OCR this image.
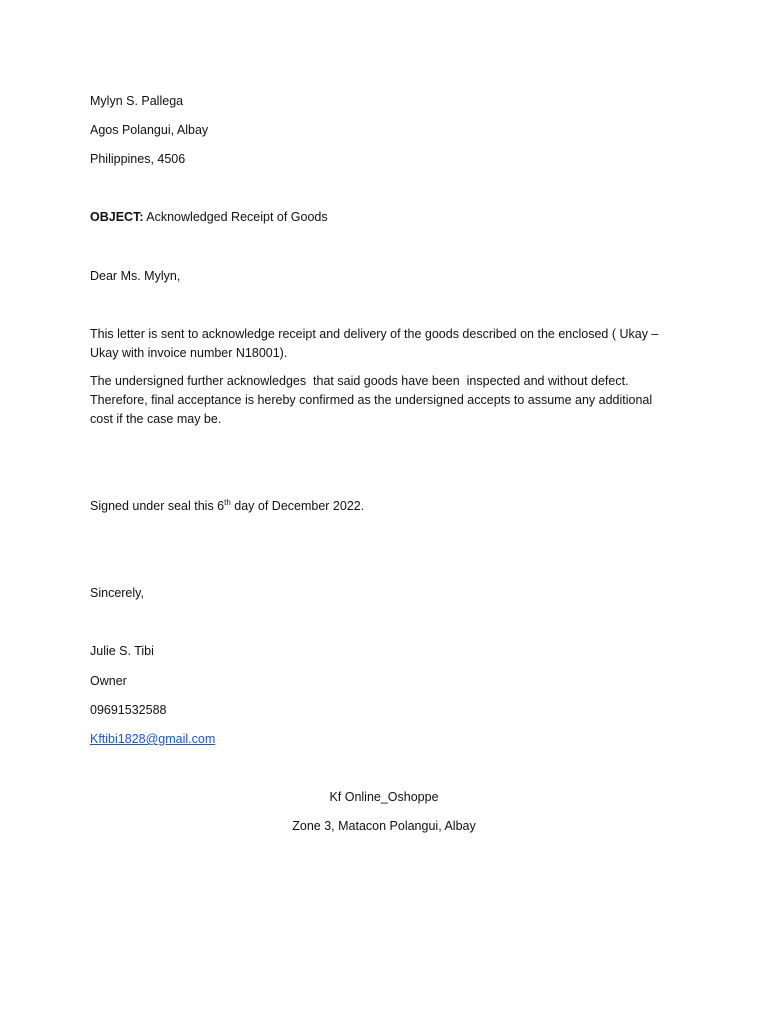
Mylyn S. Pallega

Agos Polangui, Albay

Philippines, 4506

OBJECT: Acknowledged Receipt of Goods

Dear Ms. Mylyn,

This letter is sent to acknowledge receipt and delivery of the goods described on the enclosed ( Ukay – Ukay with invoice number N18001).

The undersigned further acknowledges  that said goods have been  inspected and without defect. Therefore, final acceptance is hereby confirmed as the undersigned accepts to assume any additional cost if the case may be.

Signed under seal this 6th day of December 2022.

Sincerely,

Julie S. Tibi

Owner

09691532588

Kftibi1828@gmail.com

Kf Online_Oshoppe

Zone 3, Matacon Polangui, Albay
